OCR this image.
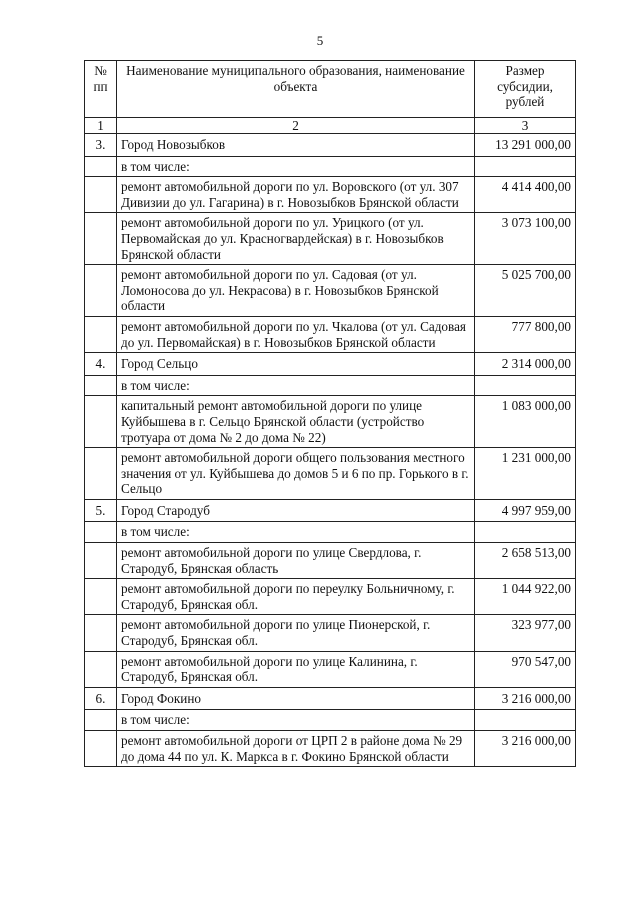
5
№ пп	Наименование муниципального образования, наименование объекта	Размер субсидии, рублей
1	2	3
3.	Город Новозыбков	13 291 000,00
	в том числе:	
	ремонт автомобильной дороги по ул. Воровского (от ул. 307 Дивизии до ул. Гагарина) в г. Новозыбков Брянской области	4 414 400,00
	ремонт автомобильной дороги по ул. Урицкого (от ул. Первомайская до ул. Красногвардейская) в г. Новозыбков Брянской области	3 073 100,00
	ремонт автомобильной дороги по ул. Садовая (от ул. Ломоносова до ул. Некрасова) в г. Новозыбков Брянской области	5 025 700,00
	ремонт автомобильной дороги по ул. Чкалова (от ул. Садовая до ул. Первомайская) в г. Новозыбков Брянской области	777 800,00
4.	Город Сельцо	2 314 000,00
	в том числе:	
	капитальный ремонт автомобильной дороги по улице Куйбышева в г. Сельцо Брянской области (устройство тротуара от дома № 2 до дома № 22)	1 083 000,00
	ремонт автомобильной дороги общего пользования местного значения от ул. Куйбышева до домов 5 и 6 по пр. Горького в г. Сельцо	1 231 000,00
5.	Город Стародуб	4 997 959,00
	в том числе:	
	ремонт автомобильной дороги по улице Свердлова, г. Стародуб, Брянская область	2 658 513,00
	ремонт автомобильной дороги по переулку Больничному, г. Стародуб, Брянская обл.	1 044 922,00
	ремонт автомобильной дороги по улице Пионерской, г. Стародуб, Брянская обл.	323 977,00
	ремонт автомобильной дороги по улице Калинина, г. Стародуб, Брянская обл.	970 547,00
6.	Город Фокино	3 216 000,00
	в том числе:	
	ремонт автомобильной дороги от ЦРП 2 в районе дома № 29 до дома 44 по ул. К. Маркса в г. Фокино Брянской области	3 216 000,00
